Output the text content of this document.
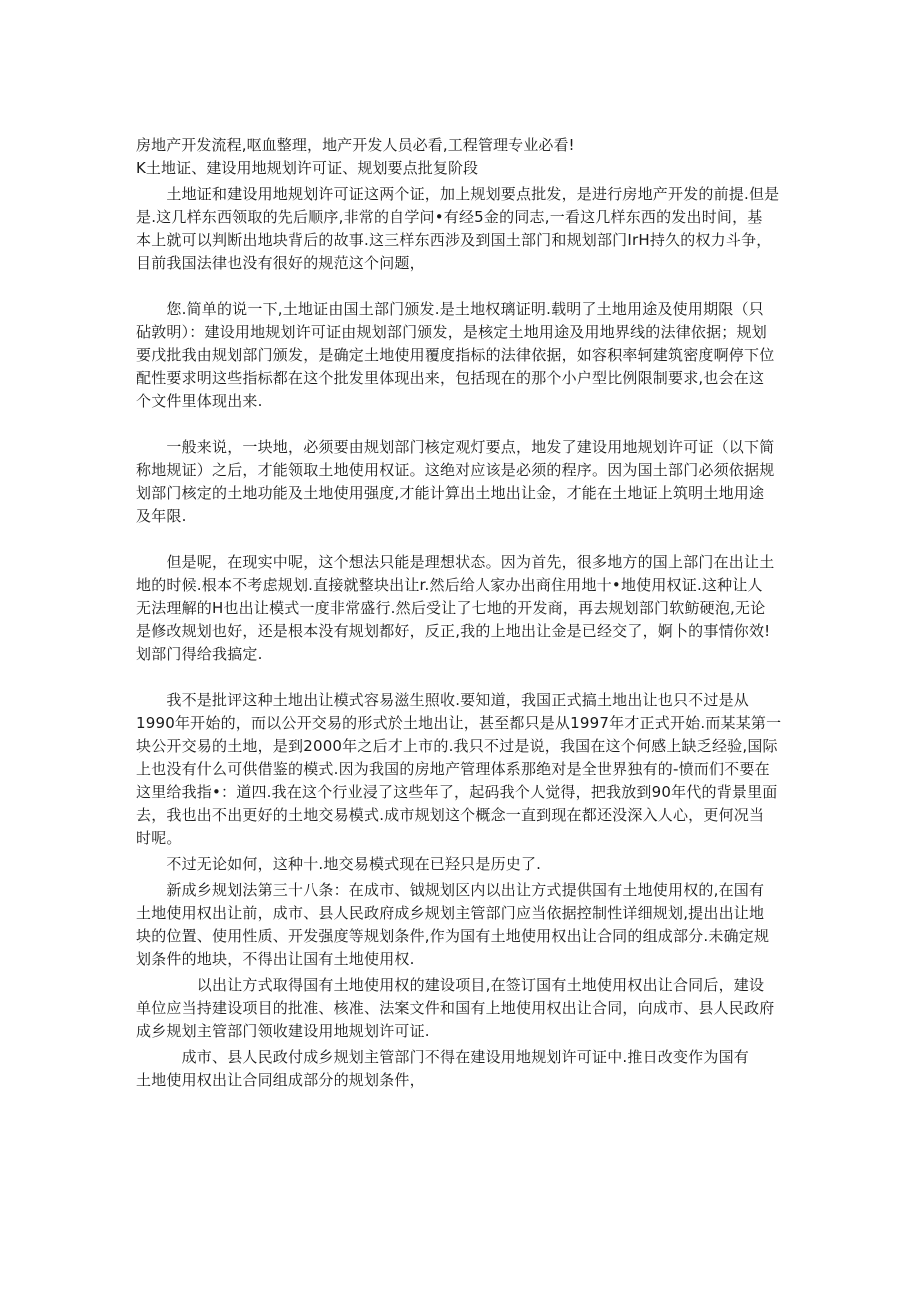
房地产开发流程,呕血整理，地产开发人员必看,工程管理专业必看!
K土地证、建设用地规划许可证、规划要点批复阶段
　　土地证和建设用地规划许可证这两个证，加上规划要点批发，是进行房地产开发的前提.但是
是.这几样东西领取的先后顺序,非常的自学问•有经5金的同志,一看这几样东西的发出时间，基
本上就可以判断出地块背后的故事.这三样东西涉及到国土部门和规划部门IrH持久的权力斗争，
目前我国法律也没有很好的规范这个问题，
　　您.简单的说一下,土地证由国土部门颁发.是土地权璃证明.载明了土地用途及使用期限（只
砧敦明）：建设用地规划许可证由规划部门颁发，是核定土地用途及用地界线的法律依据；规划
要戊批我由规划部门颁发，是确定土地使用覆度指标的法律依据，如容积率轲建筑密度啊停下位
配性要求明这些指标都在这个批发里体现出来，包括现在的那个小户型比例限制要求,也会在这
个文件里体现出来.
　　一般来说，一块地，必须要由规划部门核定观灯要点，地发了建设用地规划许可证（以下简
称地规证）之后，才能领取土地使用权证。这绝对应该是必须的程序。因为国土部门必须依据规
划部门核定的土地功能及土地使用强度,才能计算出土地出让金，才能在土地证上筑明土地用途
及年限.
　　但是呢，在现实中呢，这个想法只能是理想状态。因为首先，很多地方的国上部门在出让土
地的时候.根本不考虑规划.直接就整块出让r.然后给人家办出商住用地十•地使用权证.这种让人
无法理解的H也出让模式一度非常盛行.然后受让了七地的开发商，再去规划部门软鲂硬泡,无论
是修改规划也好，还是根本没有规划都好，反正,我的上地出让金是已经交了，婀卜的事情你效!
划部门得给我搞定.
　　我不是批评这种土地出让模式容易滋生照收.要知道，我国正式搞土地出让也只不过是从
1990年开始的，而以公开交易的形式於土地出让，甚至都只是从1997年才正式开始.而某某第一
块公开交易的土地，是到2000年之后才上市的.我只不过是说，我国在这个何感上缺乏经验,国际
上也没有什么可供借鉴的模式.因为我国的房地产管理体系那绝对是全世界独有的-愤而们不要在
这里给我指•：道四.我在这个行业浸了这些年了，起码我个人觉得，把我放到90年代的背景里面
去，我也出不出更好的土地交易模式.成市规划这个概念一直到现在都还没深入人心，更何况当
时呢。
　　不过无论如何，这种十.地交易模式现在已羟只是历史了.
　　新成乡规划法第三十八条：在成市、钺规划区内以出让方式提供国有土地使用权的,在国有
土地使用权出让前，成市、县人民政府成乡规划主管部门应当依据控制性详细规划,提出出让地
块的位置、使用性质、开发强度等规划条件,作为国有土地使用权出让合同的组成部分.未确定规
划条件的地块，不得出让国有土地使用权.
　　　　以出让方式取得国有土地使用权的建设项目,在签订国有土地使用权出让合同后，建设
单位应当持建设项目的批准、核准、法案文件和国有上地使用权出让合同，向成市、县人民政府
成乡规划主管部门领收建设用地规划许可证.
　　　成市、县人民政付成乡规划主管部门不得在建设用地规划许可证中.推日改变作为国有
土地使用权出让合同组成部分的规划条件，
